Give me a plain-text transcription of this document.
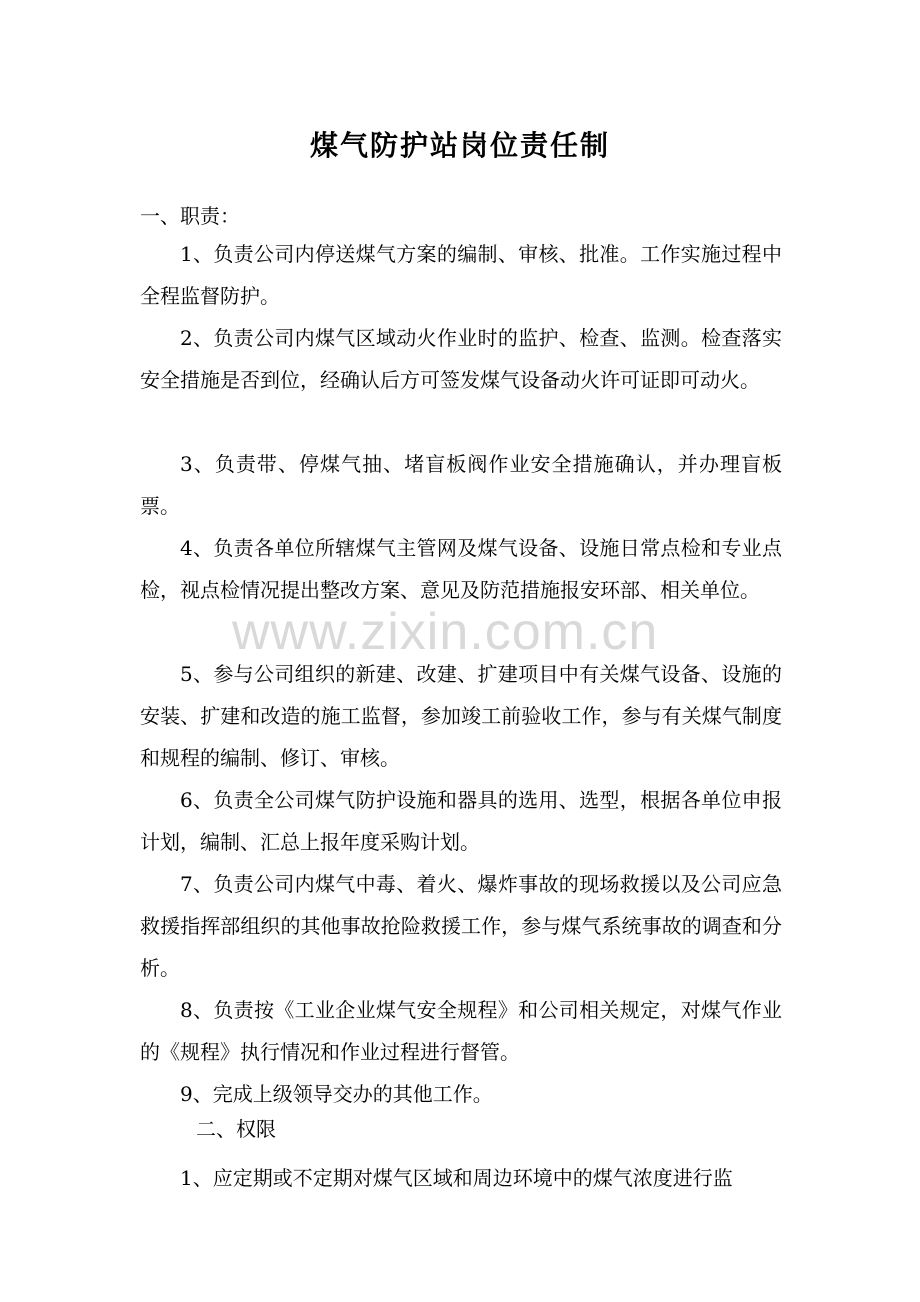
煤气防护站岗位责任制

一、职责：

1、负责公司内停送煤气方案的编制、审核、批准。工作实施过程中全程监督防护。

2、负责公司内煤气区域动火作业时的监护、检查、监测。检查落实安全措施是否到位，经确认后方可签发煤气设备动火许可证即可动火。

3、负责带、停煤气抽、堵盲板阀作业安全措施确认，并办理盲板票。

4、负责各单位所辖煤气主管网及煤气设备、设施日常点检和专业点检，视点检情况提出整改方案、意见及防范措施报安环部、相关单位。

5、参与公司组织的新建、改建、扩建项目中有关煤气设备、设施的安装、扩建和改造的施工监督，参加竣工前验收工作，参与有关煤气制度和规程的编制、修订、审核。

6、负责全公司煤气防护设施和器具的选用、选型，根据各单位申报计划，编制、汇总上报年度采购计划。

7、负责公司内煤气中毒、着火、爆炸事故的现场救援以及公司应急救援指挥部组织的其他事故抢险救援工作，参与煤气系统事故的调查和分析。

8、负责按《工业企业煤气安全规程》和公司相关规定，对煤气作业的《规程》执行情况和作业过程进行督管。

9、完成上级领导交办的其他工作。

二、权限

1、应定期或不定期对煤气区域和周边环境中的煤气浓度进行监

www.zixin.com.cn
